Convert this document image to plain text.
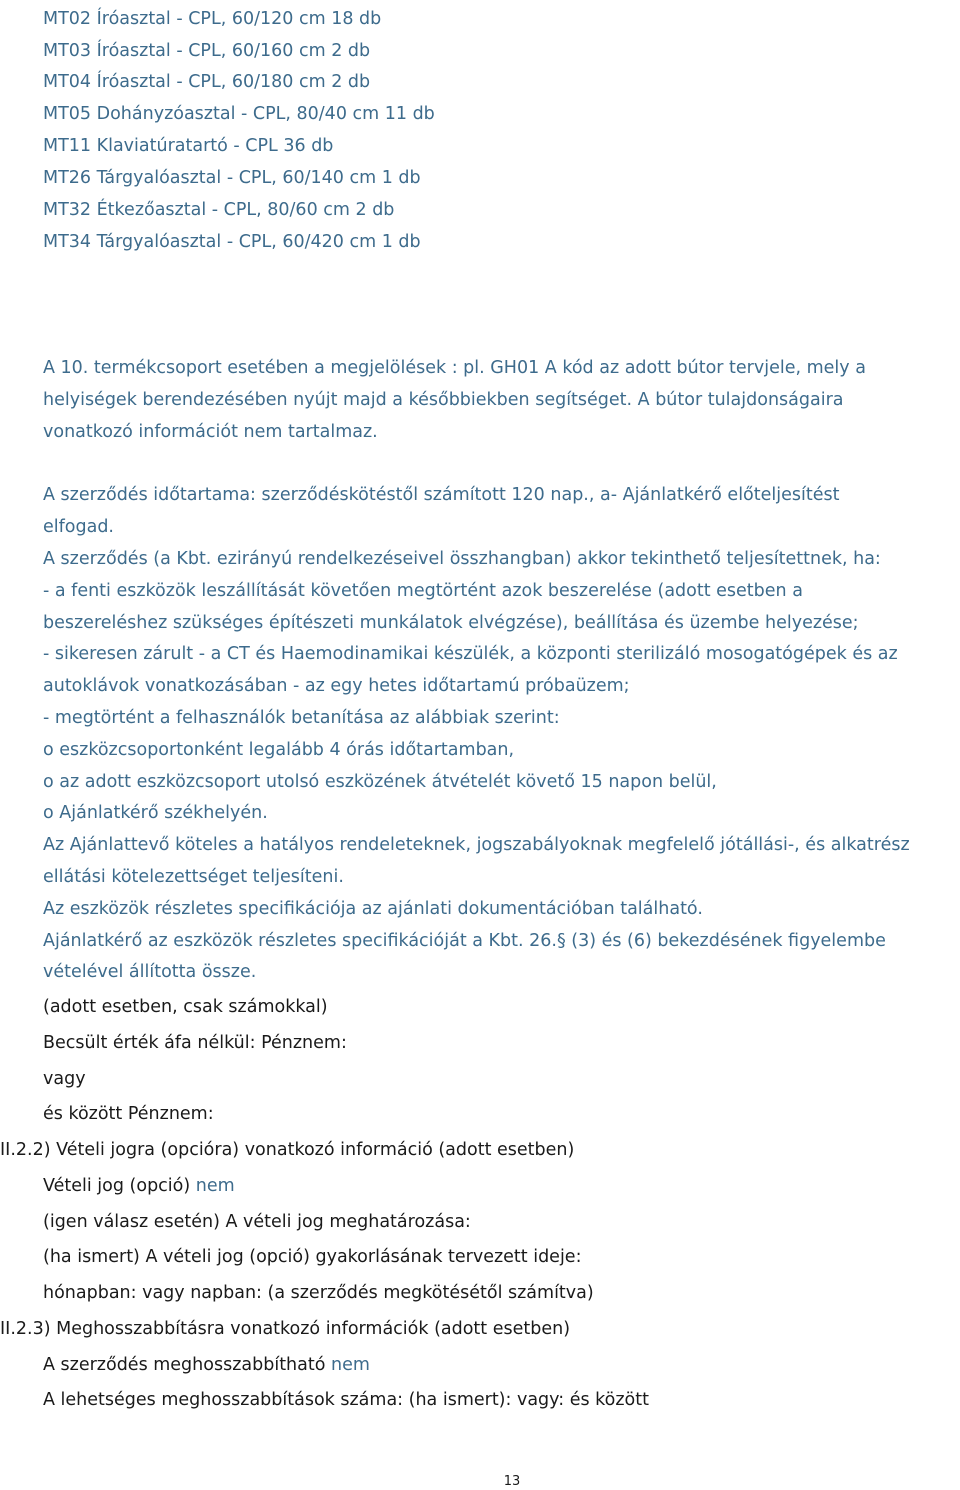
MT02 Íróasztal - CPL, 60/120 cm 18 db
MT03 Íróasztal - CPL, 60/160 cm 2 db
MT04 Íróasztal - CPL, 60/180 cm 2 db
MT05 Dohányzóasztal - CPL, 80/40 cm 11 db
MT11 Klaviatúratartó - CPL 36 db
MT26 Tárgyalóasztal - CPL, 60/140 cm 1 db
MT32 Étkezőasztal - CPL, 80/60 cm 2 db
MT34 Tárgyalóasztal - CPL, 60/420 cm 1 db
A 10. termékcsoport esetében a megjelölések : pl. GH01 A kód az adott bútor tervjele, mely a
helyiségek berendezésében nyújt majd a későbbiekben segítséget. A bútor tulajdonságaira
vonatkozó információt nem tartalmaz.
A szerződés időtartama: szerződéskötéstől számított 120 nap., a- Ajánlatkérő előteljesítést
elfogad.
A szerződés (a Kbt. ezirányú rendelkezéseivel összhangban) akkor tekinthető teljesítettnek, ha:
- a fenti eszközök leszállítását követően megtörtént azok beszerelése (adott esetben a
beszereléshez szükséges építészeti munkálatok elvégzése), beállítása és üzembe helyezése;
- sikeresen zárult - a CT és Haemodinamikai készülék, a központi sterilizáló mosogatógépek és az
autoklávok vonatkozásában - az egy hetes időtartamú próbaüzem;
- megtörtént a felhasználók betanítása az alábbiak szerint:
o eszközcsoportonként legalább 4 órás időtartamban,
o az adott eszközcsoport utolsó eszközének átvételét követő 15 napon belül,
o Ajánlatkérő székhelyén.
Az Ajánlattevő köteles a hatályos rendeleteknek, jogszabályoknak megfelelő jótállási-, és alkatrész
ellátási kötelezettséget teljesíteni.
Az eszközök részletes specifikációja az ajánlati dokumentációban található.
Ajánlatkérő az eszközök részletes specifikációját a Kbt. 26.§ (3) és (6) bekezdésének figyelembe
vételével állította össze.
(adott esetben, csak számokkal)
Becsült érték áfa nélkül: Pénznem:
vagy
és között Pénznem:
II.2.2) Vételi jogra (opcióra) vonatkozó információ (adott esetben)
Vételi jog (opció) nem
(igen válasz esetén) A vételi jog meghatározása:
(ha ismert) A vételi jog (opció) gyakorlásának tervezett ideje:
hónapban: vagy napban: (a szerződés megkötésétől számítva)
II.2.3) Meghosszabbításra vonatkozó információk (adott esetben)
A szerződés meghosszabbítható nem
A lehetséges meghosszabbítások száma: (ha ismert): vagy: és között
13
